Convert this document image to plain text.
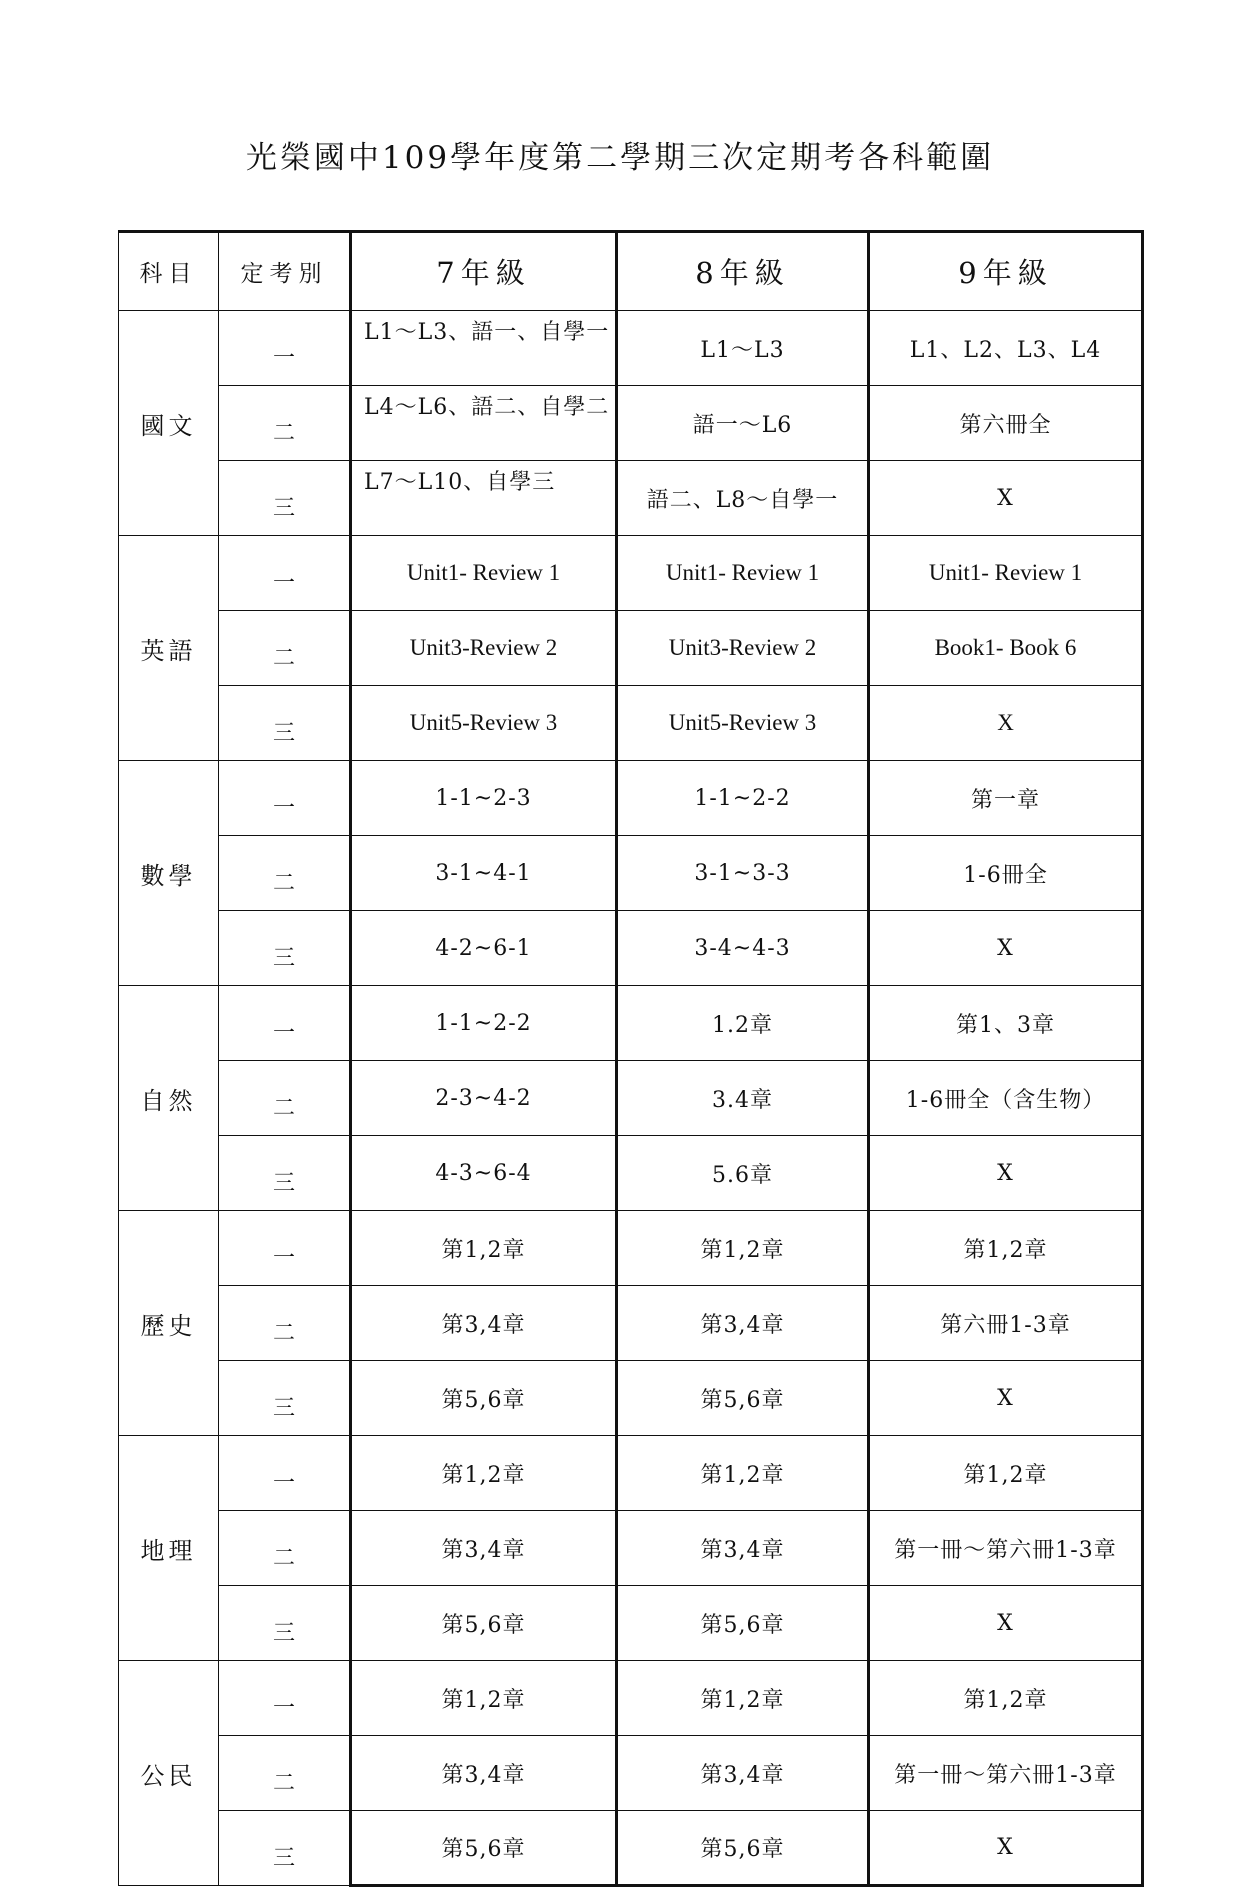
光榮國中109學年度第二學期三次定期考各科範圍
科目	定考別	7年級	8年級	9年級
國文	一	L1～L3、語一、自學一	L1～L3	L1、L2、L3、L4
	二	L4～L6、語二、自學二	語一～L6	第六冊全
	三	L7～L10、自學三	語二、L8～自學一	X
英語	一	Unit1- Review 1	Unit1- Review 1	Unit1- Review 1
	二	Unit3-Review 2	Unit3-Review 2	Book1- Book 6
	三	Unit5-Review 3	Unit5-Review 3	X
數學	一	1-1~2-3	1-1~2-2	第一章
	二	3-1~4-1	3-1~3-3	1-6冊全
	三	4-2~6-1	3-4~4-3	X
自然	一	1-1~2-2	1.2章	第1、3章
	二	2-3~4-2	3.4章	1-6冊全（含生物）
	三	4-3~6-4	5.6章	X
歷史	一	第1,2章	第1,2章	第1,2章
	二	第3,4章	第3,4章	第六冊1-3章
	三	第5,6章	第5,6章	X
地理	一	第1,2章	第1,2章	第1,2章
	二	第3,4章	第3,4章	第一冊～第六冊1-3章
	三	第5,6章	第5,6章	X
公民	一	第1,2章	第1,2章	第1,2章
	二	第3,4章	第3,4章	第一冊～第六冊1-3章
	三	第5,6章	第5,6章	X
